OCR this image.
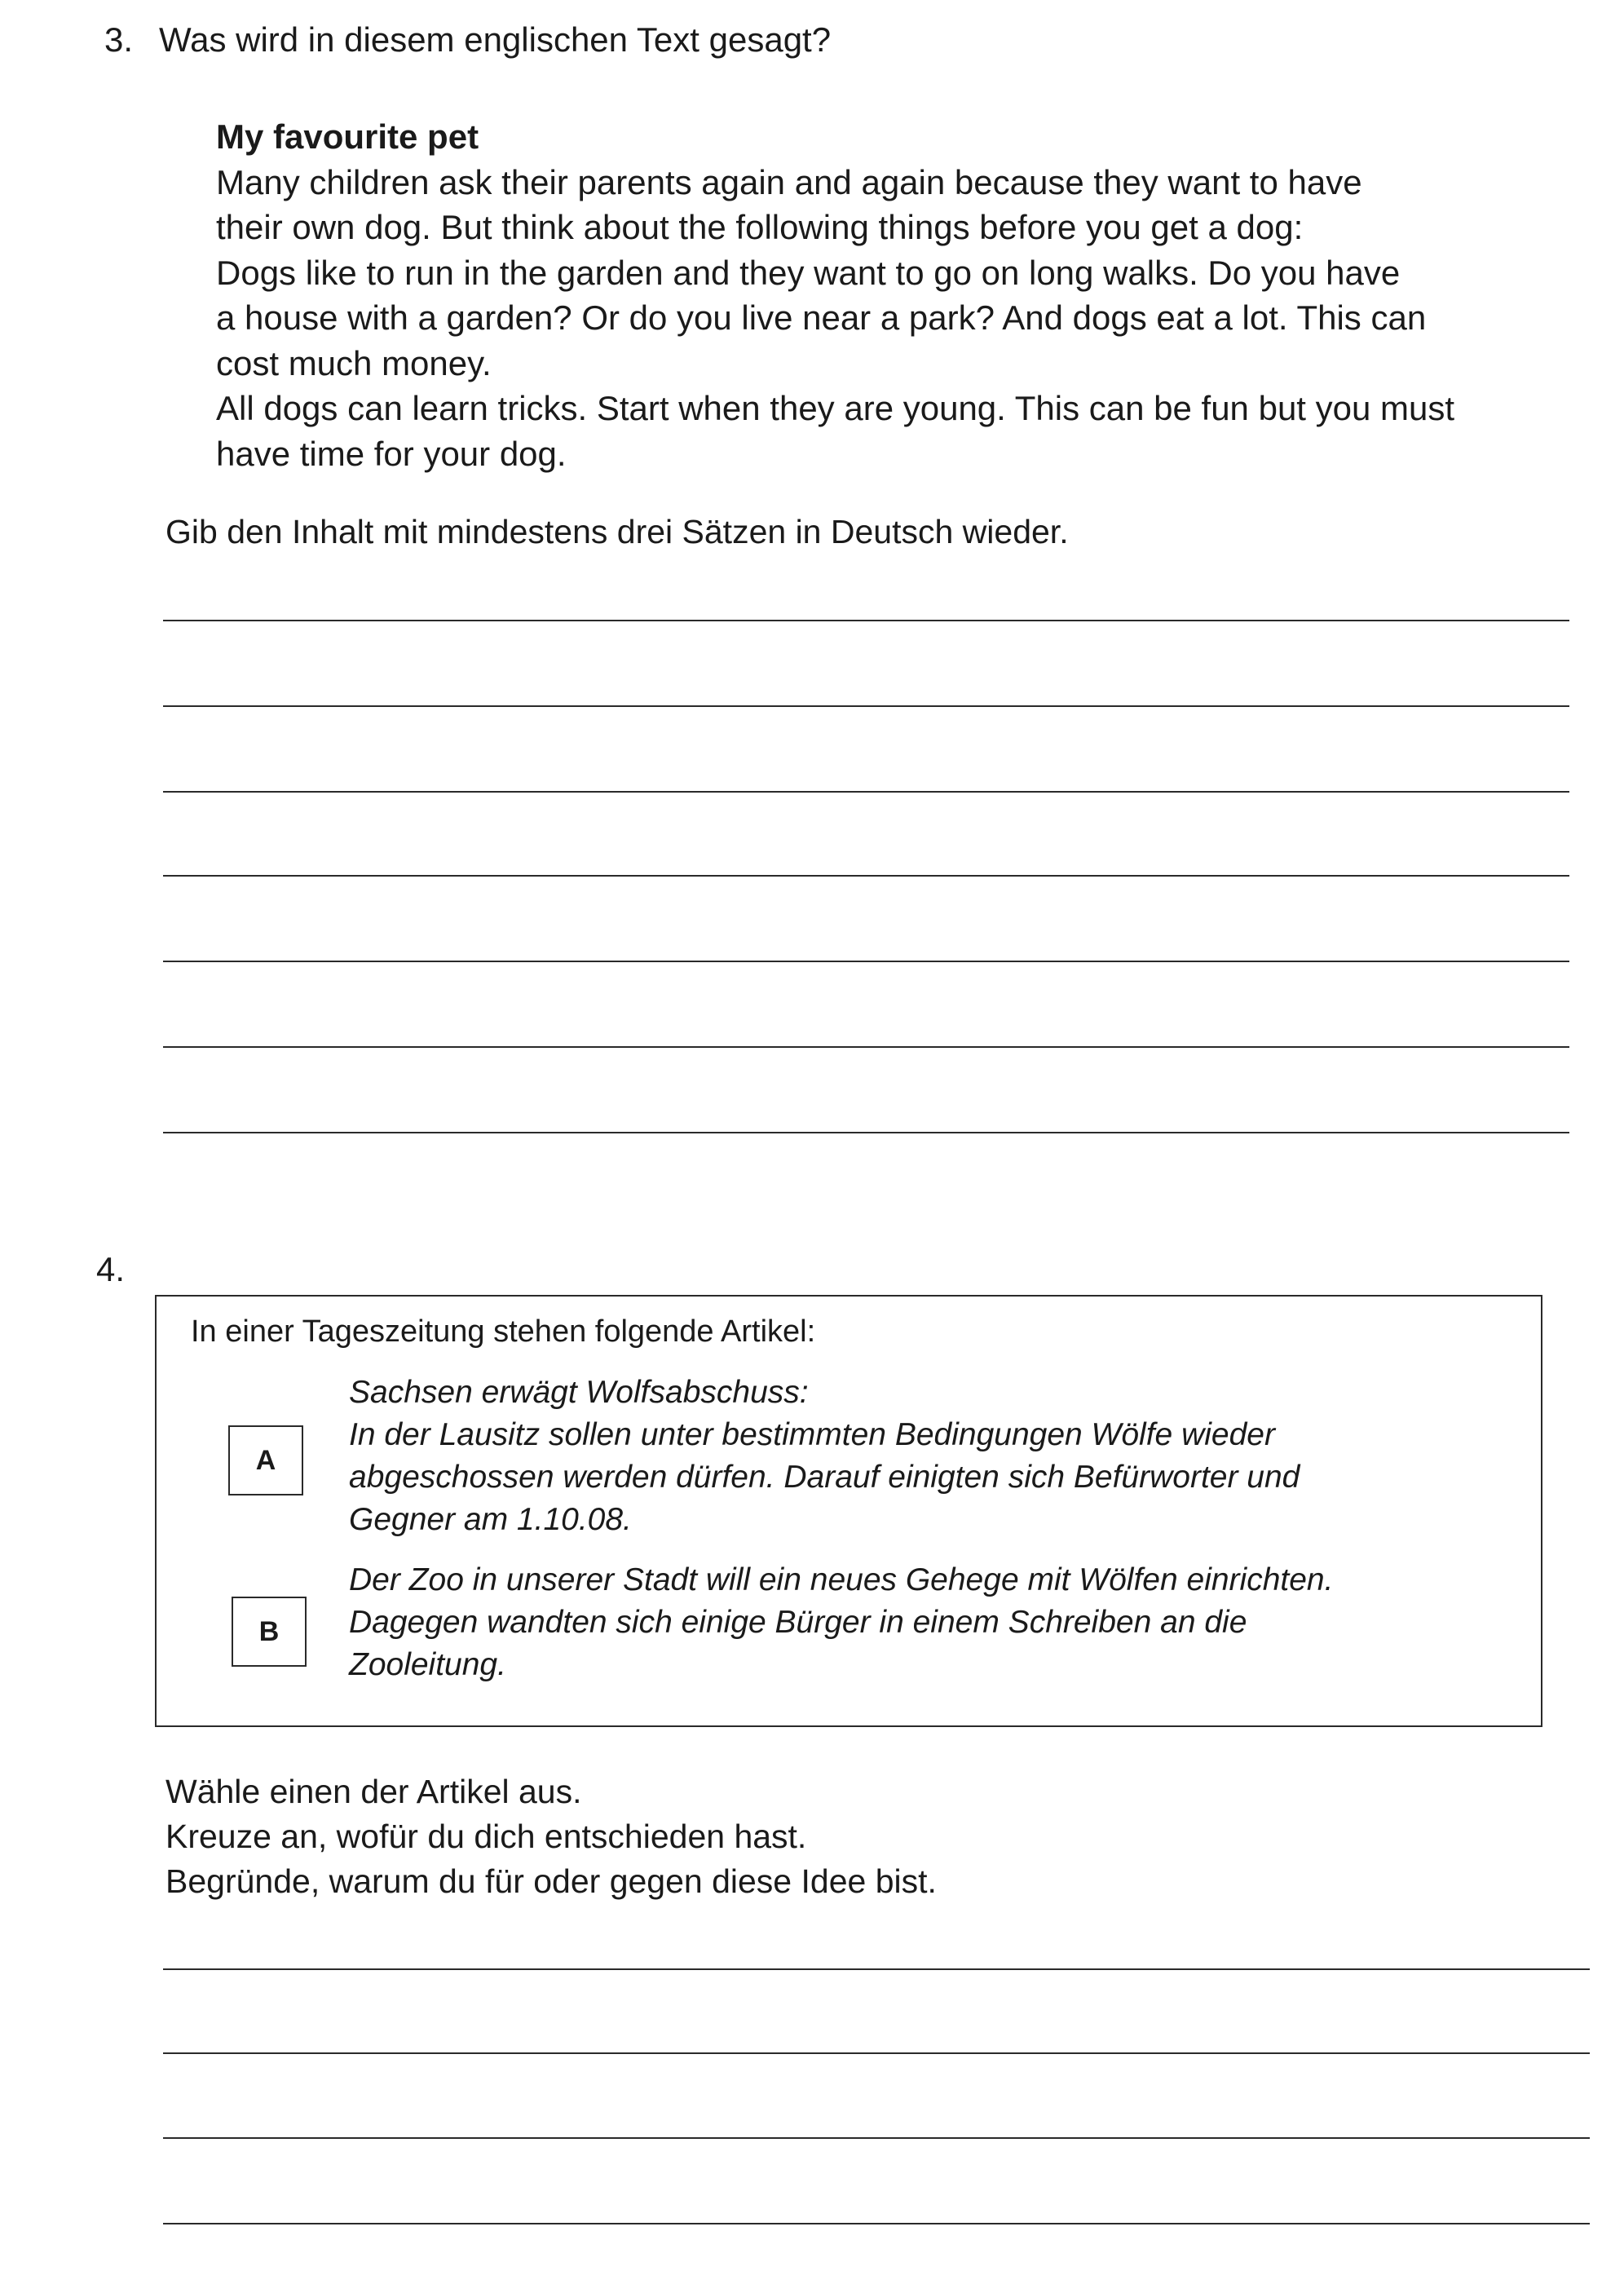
3. Was wird in diesem englischen Text gesagt?
My favourite pet
Many children ask their parents again and again because they want to have
their own dog. But think about the following things before you get a dog:
Dogs like to run in the garden and they want to go on long walks. Do you have
a house with a garden? Or do you live near a park? And dogs eat a lot. This can
cost much money.
All dogs can learn tricks. Start when they are young. This can be fun but you must
have time for your dog.
Gib den Inhalt mit mindestens drei Sätzen in Deutsch wieder.
4.
In einer Tageszeitung stehen folgende Artikel:
A
Sachsen erwägt Wolfsabschuss:
In der Lausitz sollen unter bestimmten Bedingungen Wölfe wieder
abgeschossen werden dürfen. Darauf einigten sich Befürworter und
Gegner am 1.10.08.
B
Der Zoo in unserer Stadt will ein neues Gehege mit Wölfen einrichten.
Dagegen wandten sich einige Bürger in einem Schreiben an die
Zooleitung.
Wähle einen der Artikel aus.
Kreuze an, wofür du dich entschieden hast.
Begründe, warum du für oder gegen diese Idee bist.
